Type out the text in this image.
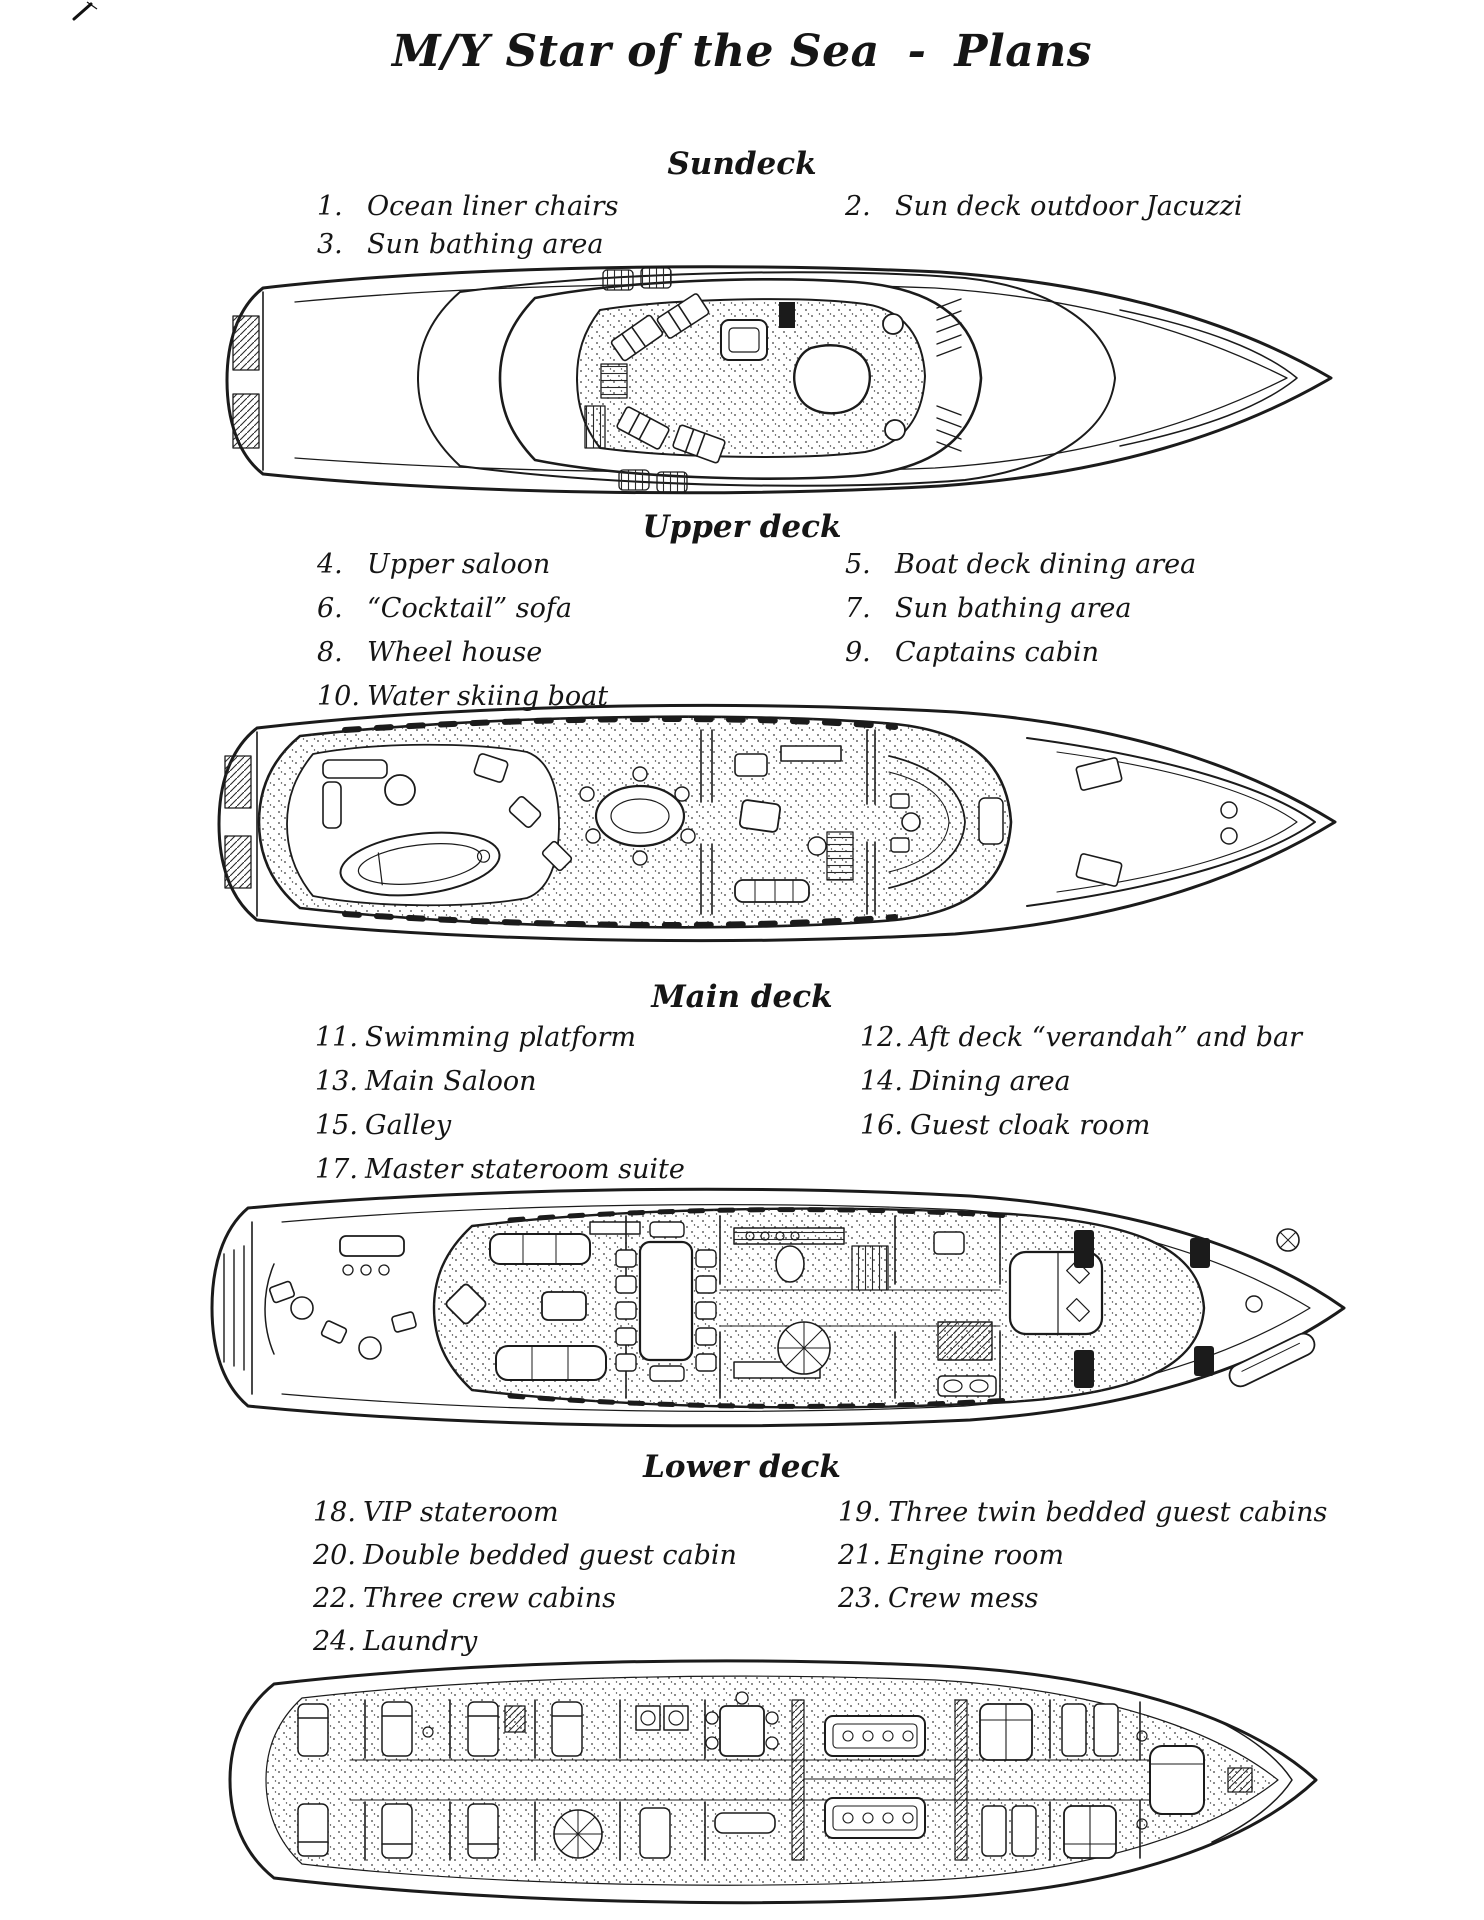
M/Y Star of the Sea - Plans
Sundeck
1. Ocean liner chairs
3. Sun bathing area
2. Sun deck outdoor Jacuzzi
Upper deck
4. Upper saloon
6. “Cocktail” sofa
8. Wheel house
10. Water skiing boat
5. Boat deck dining area
7. Sun bathing area
9. Captains cabin
Main deck
11. Swimming platform
13. Main Saloon
15. Galley
17. Master stateroom suite
12. Aft deck “verandah” and bar
14. Dining area
16. Guest cloak room
Lower deck
18. VIP stateroom
20. Double bedded guest cabin
22. Three crew cabins
24. Laundry
19. Three twin bedded guest cabins
21. Engine room
23. Crew mess
